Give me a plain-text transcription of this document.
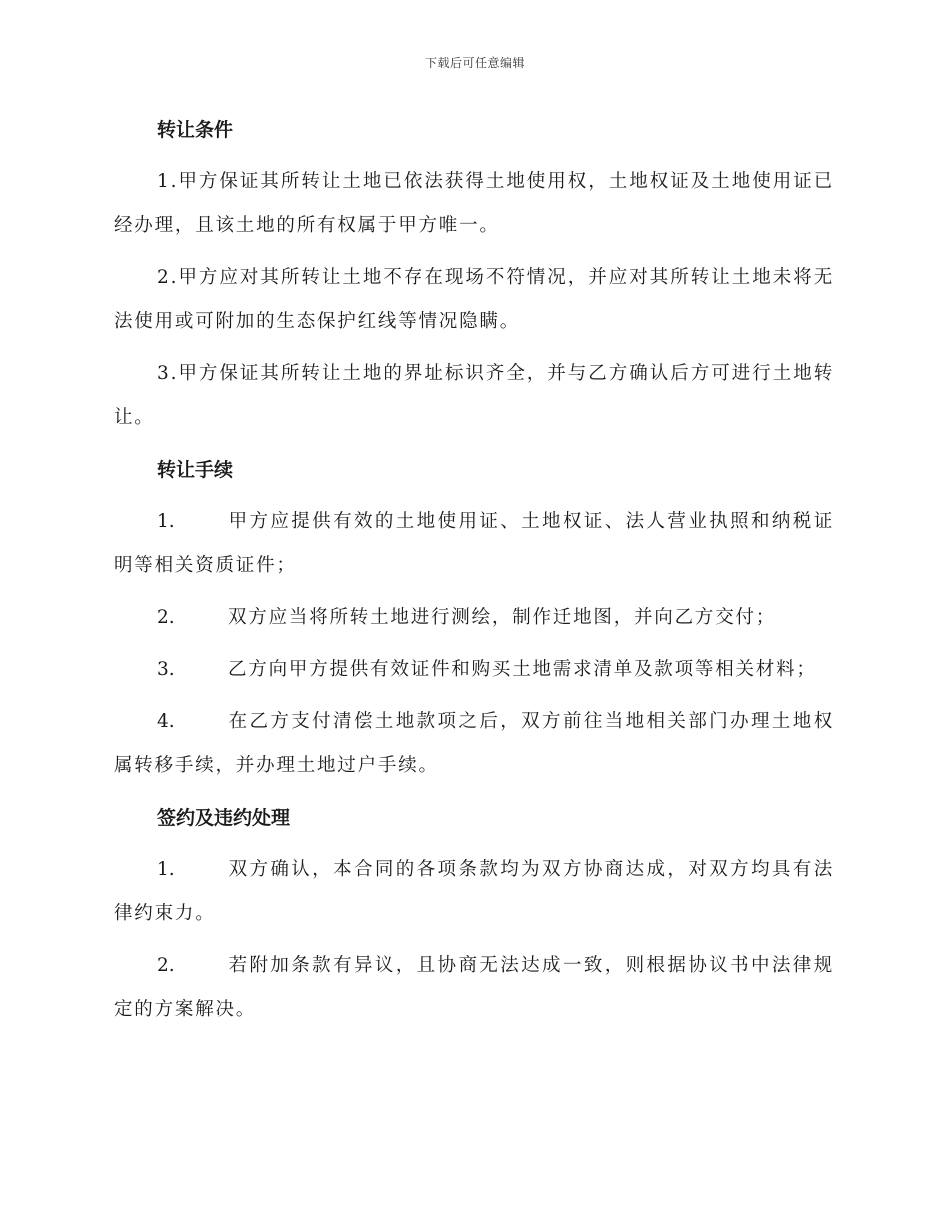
下载后可任意编辑

转让条件

1.甲方保证其所转让土地已依法获得土地使用权，土地权证及土地使用证已经办理，且该土地的所有权属于甲方唯一。

2.甲方应对其所转让土地不存在现场不符情况，并应对其所转让土地未将无法使用或可附加的生态保护红线等情况隐瞒。

3.甲方保证其所转让土地的界址标识齐全，并与乙方确认后方可进行土地转让。

转让手续

1.	甲方应提供有效的土地使用证、土地权证、法人营业执照和纳税证明等相关资质证件；

2.	双方应当将所转土地进行测绘，制作迁地图，并向乙方交付；

3.	乙方向甲方提供有效证件和购买土地需求清单及款项等相关材料；

4.	在乙方支付清偿土地款项之后，双方前往当地相关部门办理土地权属转移手续，并办理土地过户手续。

签约及违约处理

1.	双方确认，本合同的各项条款均为双方协商达成，对双方均具有法律约束力。

2.	若附加条款有异议，且协商无法达成一致，则根据协议书中法律规定的方案解决。
